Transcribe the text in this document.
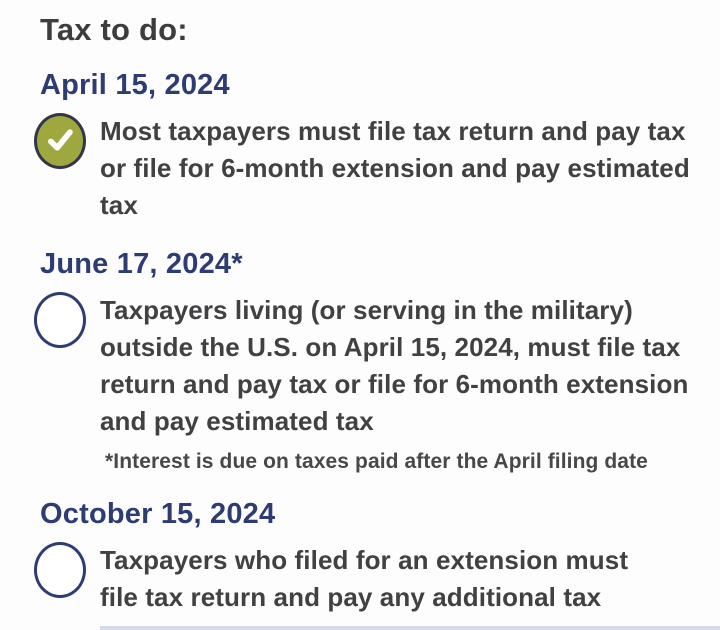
Tax to do:
April 15, 2024
Most taxpayers must file tax return and pay tax or file for 6-month extension and pay estimated tax
June 17, 2024*
Taxpayers living (or serving in the military) outside the U.S. on April 15, 2024, must file tax return and pay tax or file for 6-month extension and pay estimated tax
*Interest is due on taxes paid after the April filing date
October 15, 2024
Taxpayers who filed for an extension must file tax return and pay any additional tax
